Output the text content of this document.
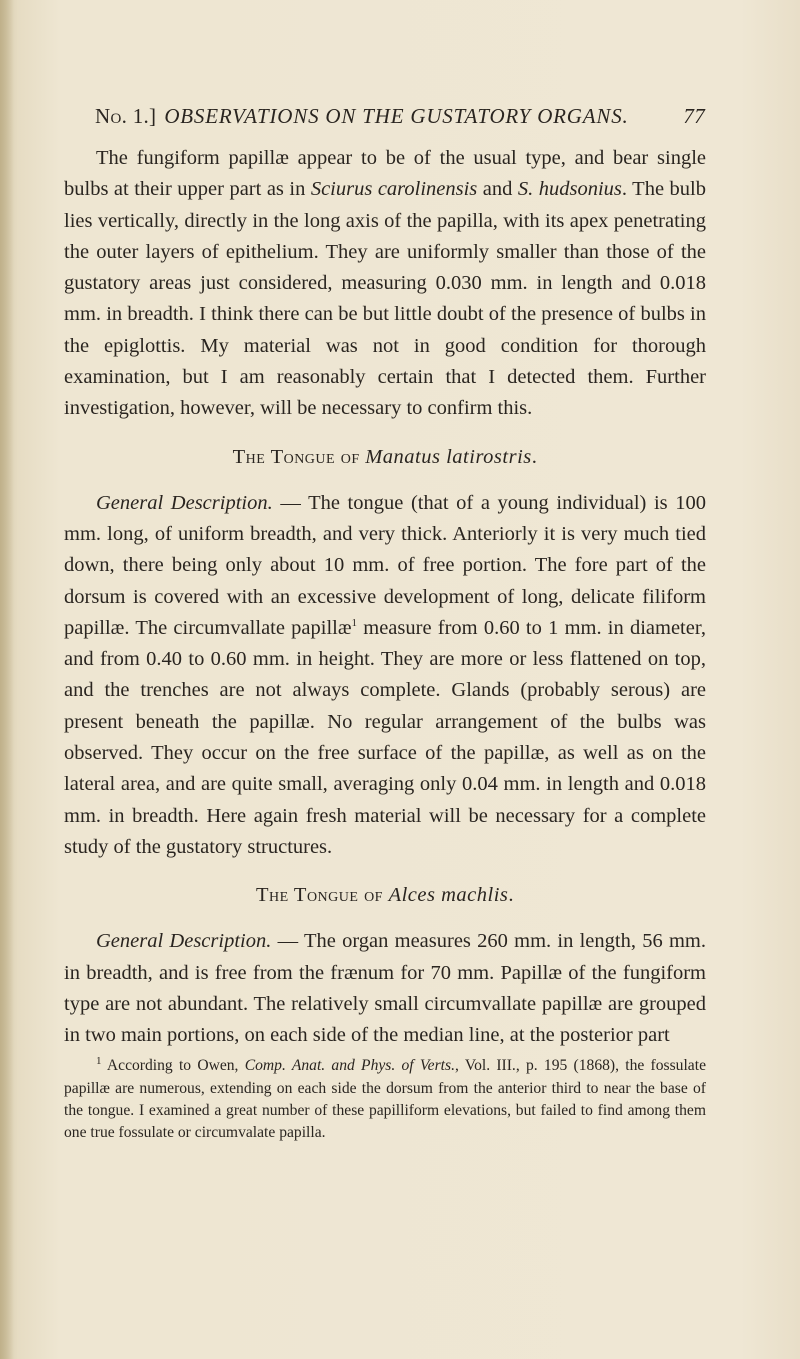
No. 1.] OBSERVATIONS ON THE GUSTATORY ORGANS.	77

The fungiform papillæ appear to be of the usual type, and bear single bulbs at their upper part as in Sciurus carolinensis and S. hudsonius. The bulb lies vertically, directly in the long axis of the papilla, with its apex penetrating the outer layers of epithelium. They are uniformly smaller than those of the gustatory areas just considered, measuring 0.030 mm. in length and 0.018 mm. in breadth. I think there can be but little doubt of the presence of bulbs in the epiglottis. My material was not in good condition for thorough examination, but I am reasonably certain that I detected them. Further investigation, however, will be necessary to confirm this.

The Tongue of Manatus latirostris.

General Description. — The tongue (that of a young individual) is 100 mm. long, of uniform breadth, and very thick. Anteriorly it is very much tied down, there being only about 10 mm. of free portion. The fore part of the dorsum is covered with an excessive development of long, delicate filiform papillæ. The circumvallate papillæ$^1$ measure from 0.60 to 1 mm. in diameter, and from 0.40 to 0.60 mm. in height. They are more or less flattened on top, and the trenches are not always complete. Glands (probably serous) are present beneath the papillæ. No regular arrangement of the bulbs was observed. They occur on the free surface of the papillæ, as well as on the lateral area, and are quite small, averaging only 0.04 mm. in length and 0.018 mm. in breadth. Here again fresh material will be necessary for a complete study of the gustatory structures.

The Tongue of Alces machlis.

General Description. — The organ measures 260 mm. in length, 56 mm. in breadth, and is free from the frænum for 70 mm. Papillæ of the fungiform type are not abundant. The relatively small circumvallate papillæ are grouped in two main portions, on each side of the median line, at the posterior part

$^1$ According to Owen, Comp. Anat. and Phys. of Verts., Vol. III., p. 195 (1868), the fossulate papillæ are numerous, extending on each side the dorsum from the anterior third to near the base of the tongue. I examined a great number of these papilliform elevations, but failed to find among them one true fossulate or circumvalate papilla.
